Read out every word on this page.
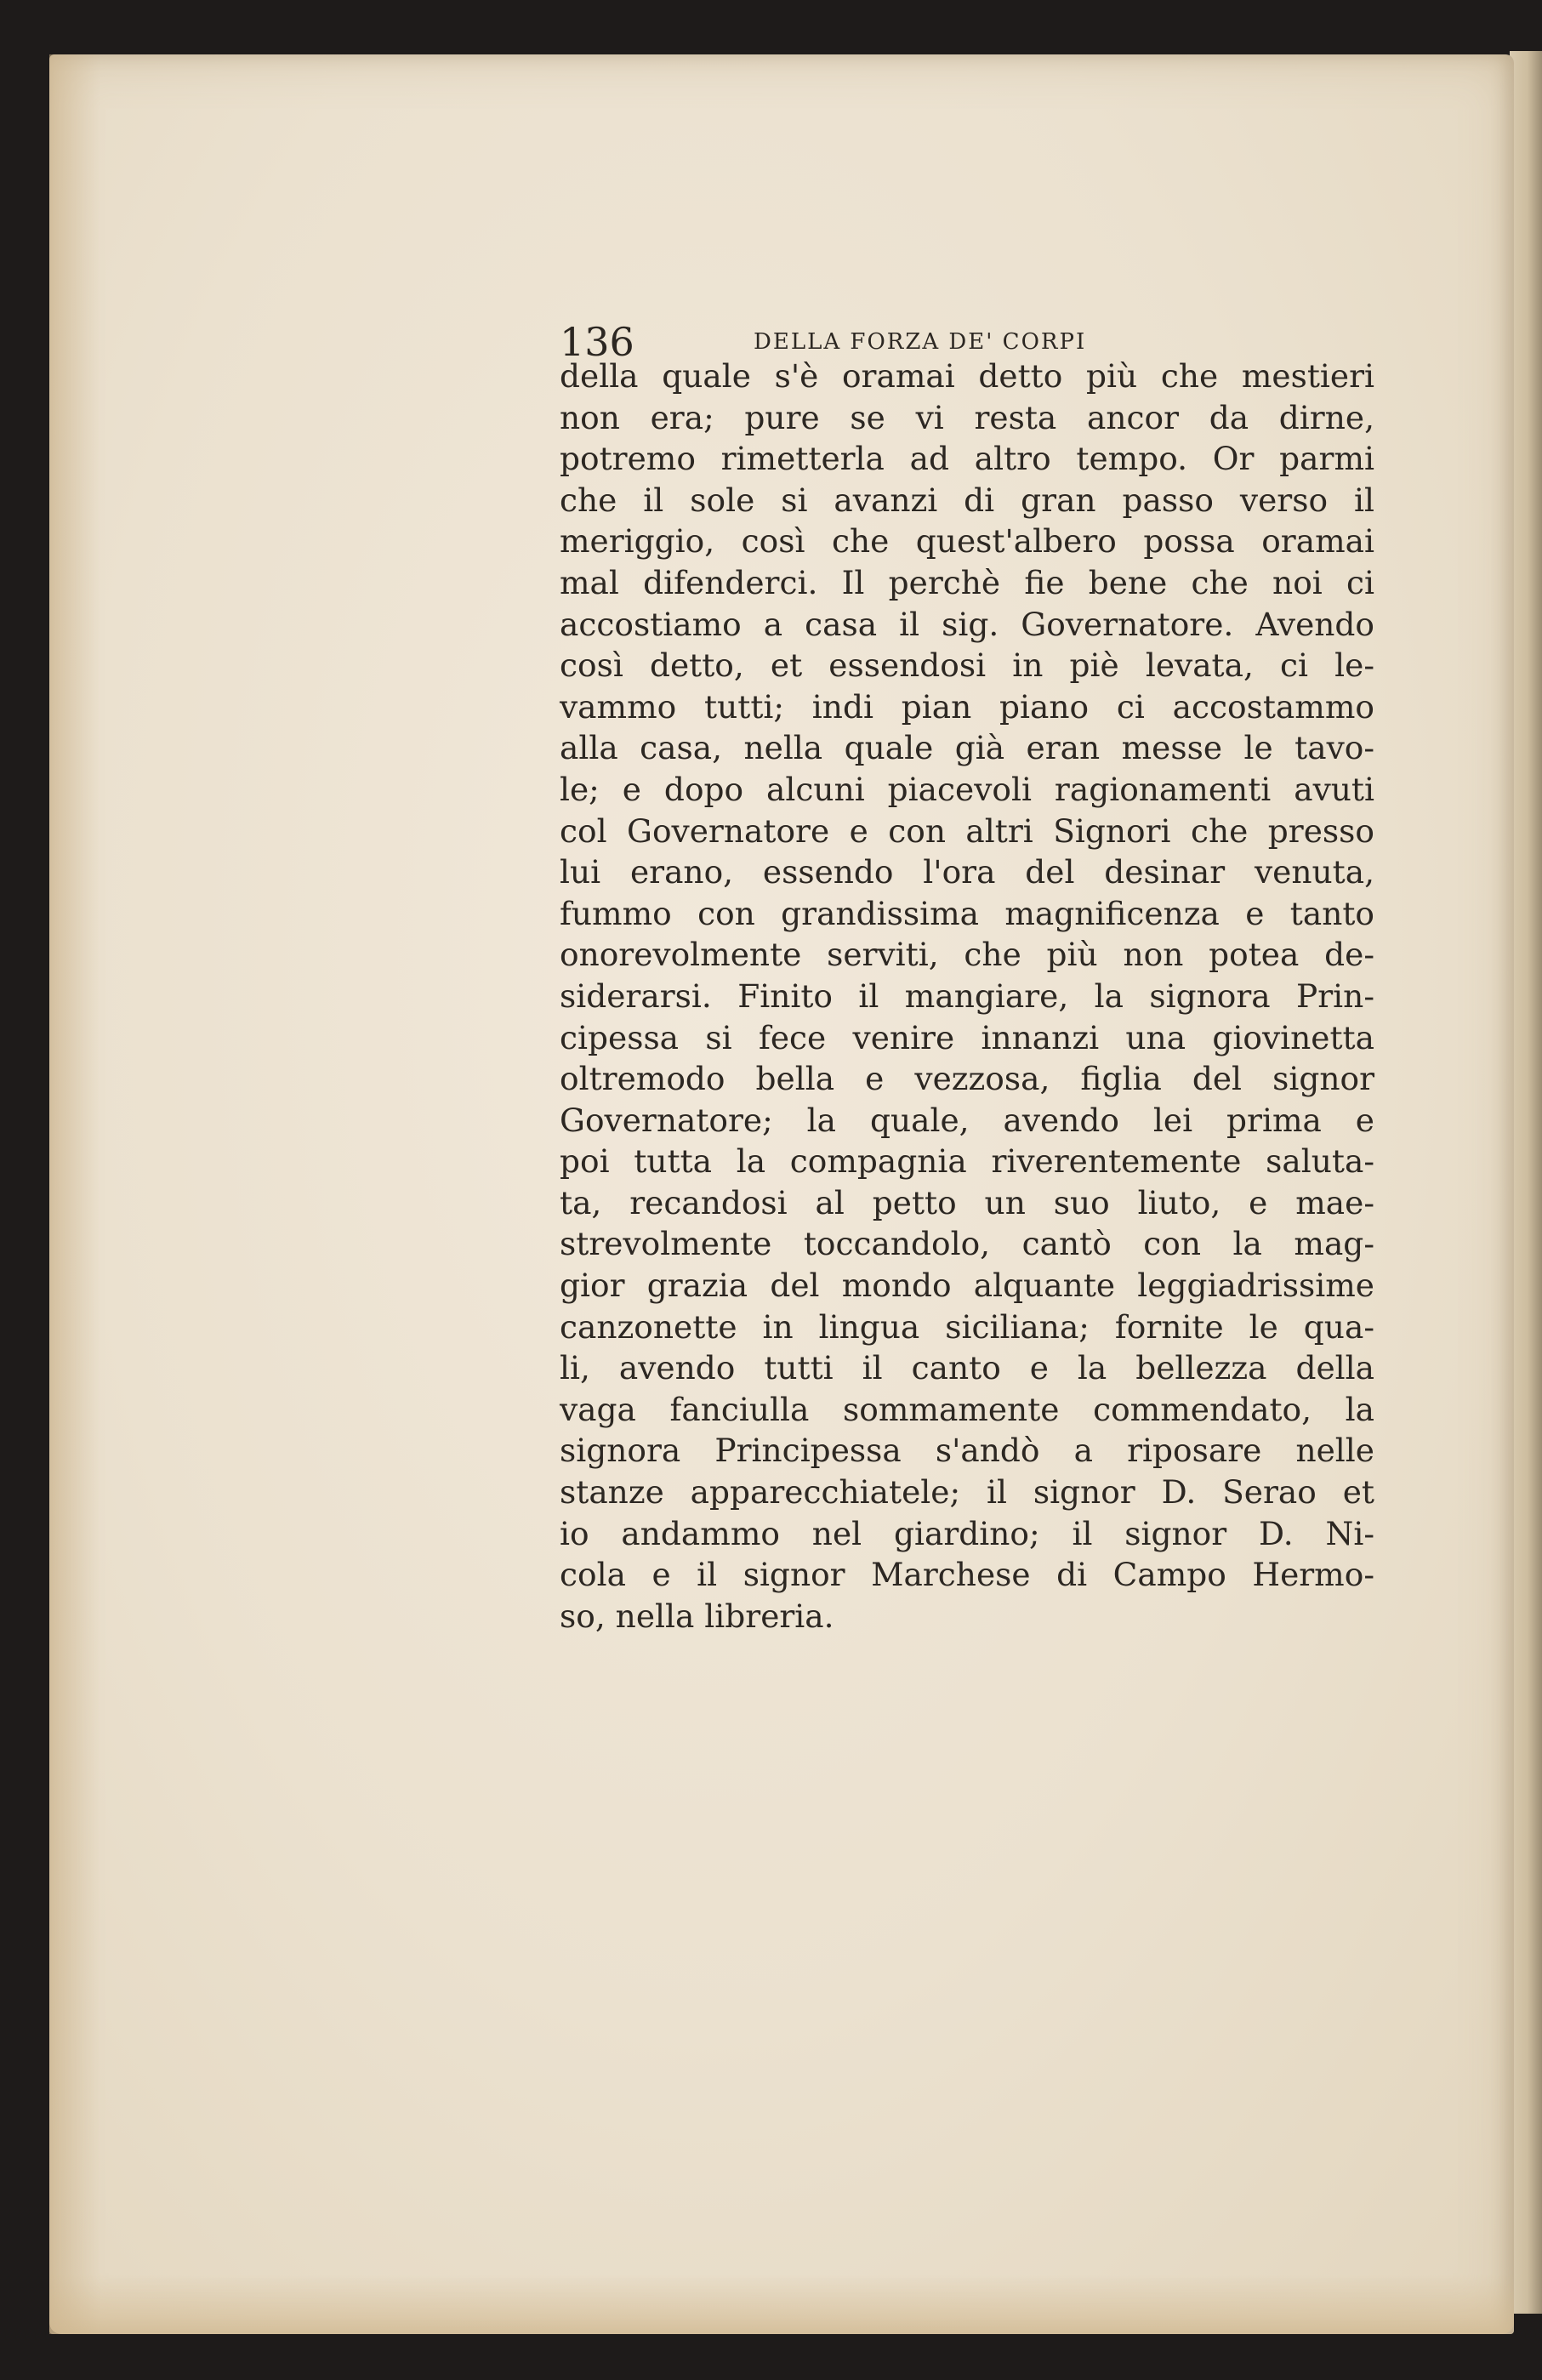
136	DELLA FORZA DE' CORPI
della quale s'è oramai detto più che mestieri
non era; pure se vi resta ancor da dirne,
potremo rimetterla ad altro tempo. Or parmi
che il sole si avanzi di gran passo verso il
meriggio, così che quest'albero possa oramai
mal difenderci. Il perchè fie bene che noi ci
accostiamo a casa il sig. Governatore. Avendo
così detto, et essendosi in piè levata, ci le-
vammo tutti; indi pian piano ci accostammo
alla casa, nella quale già eran messe le tavo-
le; e dopo alcuni piacevoli ragionamenti avuti
col Governatore e con altri Signori che presso
lui erano, essendo l'ora del desinar venuta,
fummo con grandissima magnificenza e tanto
onorevolmente serviti, che più non potea de-
siderarsi. Finito il mangiare, la signora Prin-
cipessa si fece venire innanzi una giovinetta
oltremodo bella e vezzosa, figlia del signor
Governatore; la quale, avendo lei prima e
poi tutta la compagnia riverentemente saluta-
ta, recandosi al petto un suo liuto, e mae-
strevolmente toccandolo, cantò con la mag-
gior grazia del mondo alquante leggiadrissime
canzonette in lingua siciliana; fornite le qua-
li, avendo tutti il canto e la bellezza della
vaga fanciulla sommamente commendato, la
signora Principessa s'andò a riposare nelle
stanze apparecchiatele; il signor D. Serao et
io andammo nel giardino; il signor D. Ni-
cola e il signor Marchese di Campo Hermo-
so, nella libreria.
